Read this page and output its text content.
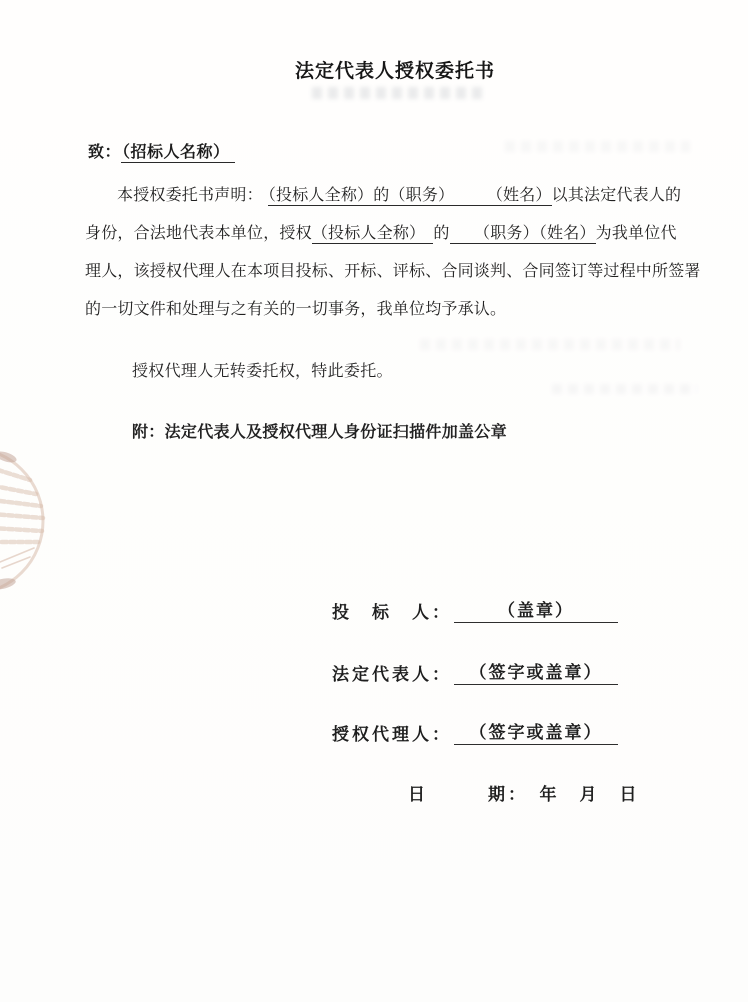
法定代表人授权委托书
致：（招标人名称）
本授权委托书声明： （投标人全称）的（职务）　　　（姓名）以其法定代表人的
身份，合法地代表本单位，授权（投标人全称）　的　　（职务）（姓名）为我单位代
理人，该授权代理人在本项目投标、开标、评标、合同谈判、合同签订等过程中所签署
的一切文件和处理与之有关的一切事务，我单位均予承认。
授权代理人无转委托权，特此委托。
附：法定代表人及授权代理人身份证扫描件加盖公章
投　标　人：	（盖章）
法定代表人： （签字或盖章）
授权代理人： （签字或盖章）
日　　　期：　年　月　日
